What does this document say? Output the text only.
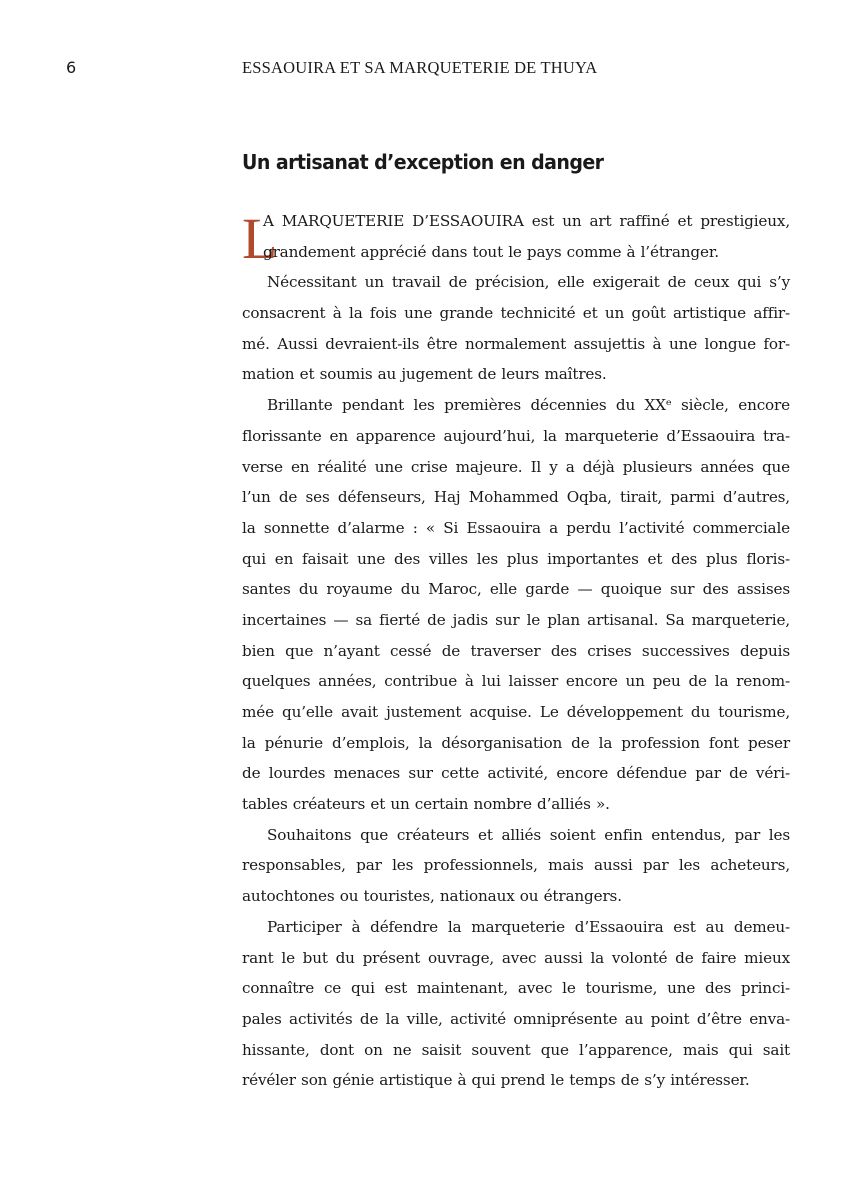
6	ESSAOUIRA ET SA MARQUETERIE DE THUYA
Un artisanat d’exception en danger
L
A MARQUETERIE D’ESSAOUIRA est un art raffiné et prestigieux,
grandement apprécié dans tout le pays comme à l’étranger.
Nécessitant un travail de précision, elle exigerait de ceux qui s’y
consacrent à la fois une grande technicité et un goût artistique affir-
mé. Aussi devraient-ils être normalement assujettis à une longue for-
mation et soumis au jugement de leurs maîtres.
Brillante pendant les premières décennies du XXᵉ siècle, encore
florissante en apparence aujourd’hui, la marqueterie d’Essaouira tra-
verse en réalité une crise majeure. Il y a déjà plusieurs années que
l’un de ses défenseurs, Haj Mohammed Oqba, tirait, parmi d’autres,
la sonnette d’alarme : « Si Essaouira a perdu l’activité commerciale
qui en faisait une des villes les plus importantes et des plus floris-
santes du royaume du Maroc, elle garde — quoique sur des assises
incertaines — sa fierté de jadis sur le plan artisanal. Sa marqueterie,
bien que n’ayant cessé de traverser des crises successives depuis
quelques années, contribue à lui laisser encore un peu de la renom-
mée qu’elle avait justement acquise. Le développement du tourisme,
la pénurie d’emplois, la désorganisation de la profession font peser
de lourdes menaces sur cette activité, encore défendue par de véri-
tables créateurs et un certain nombre d’alliés ».
Souhaitons que créateurs et alliés soient enfin entendus, par les
responsables, par les professionnels, mais aussi par les acheteurs,
autochtones ou touristes, nationaux ou étrangers.
Participer à défendre la marqueterie d’Essaouira est au demeu-
rant le but du présent ouvrage, avec aussi la volonté de faire mieux
connaître ce qui est maintenant, avec le tourisme, une des princi-
pales activités de la ville, activité omniprésente au point d’être enva-
hissante, dont on ne saisit souvent que l’apparence, mais qui sait
révéler son génie artistique à qui prend le temps de s’y intéresser.
